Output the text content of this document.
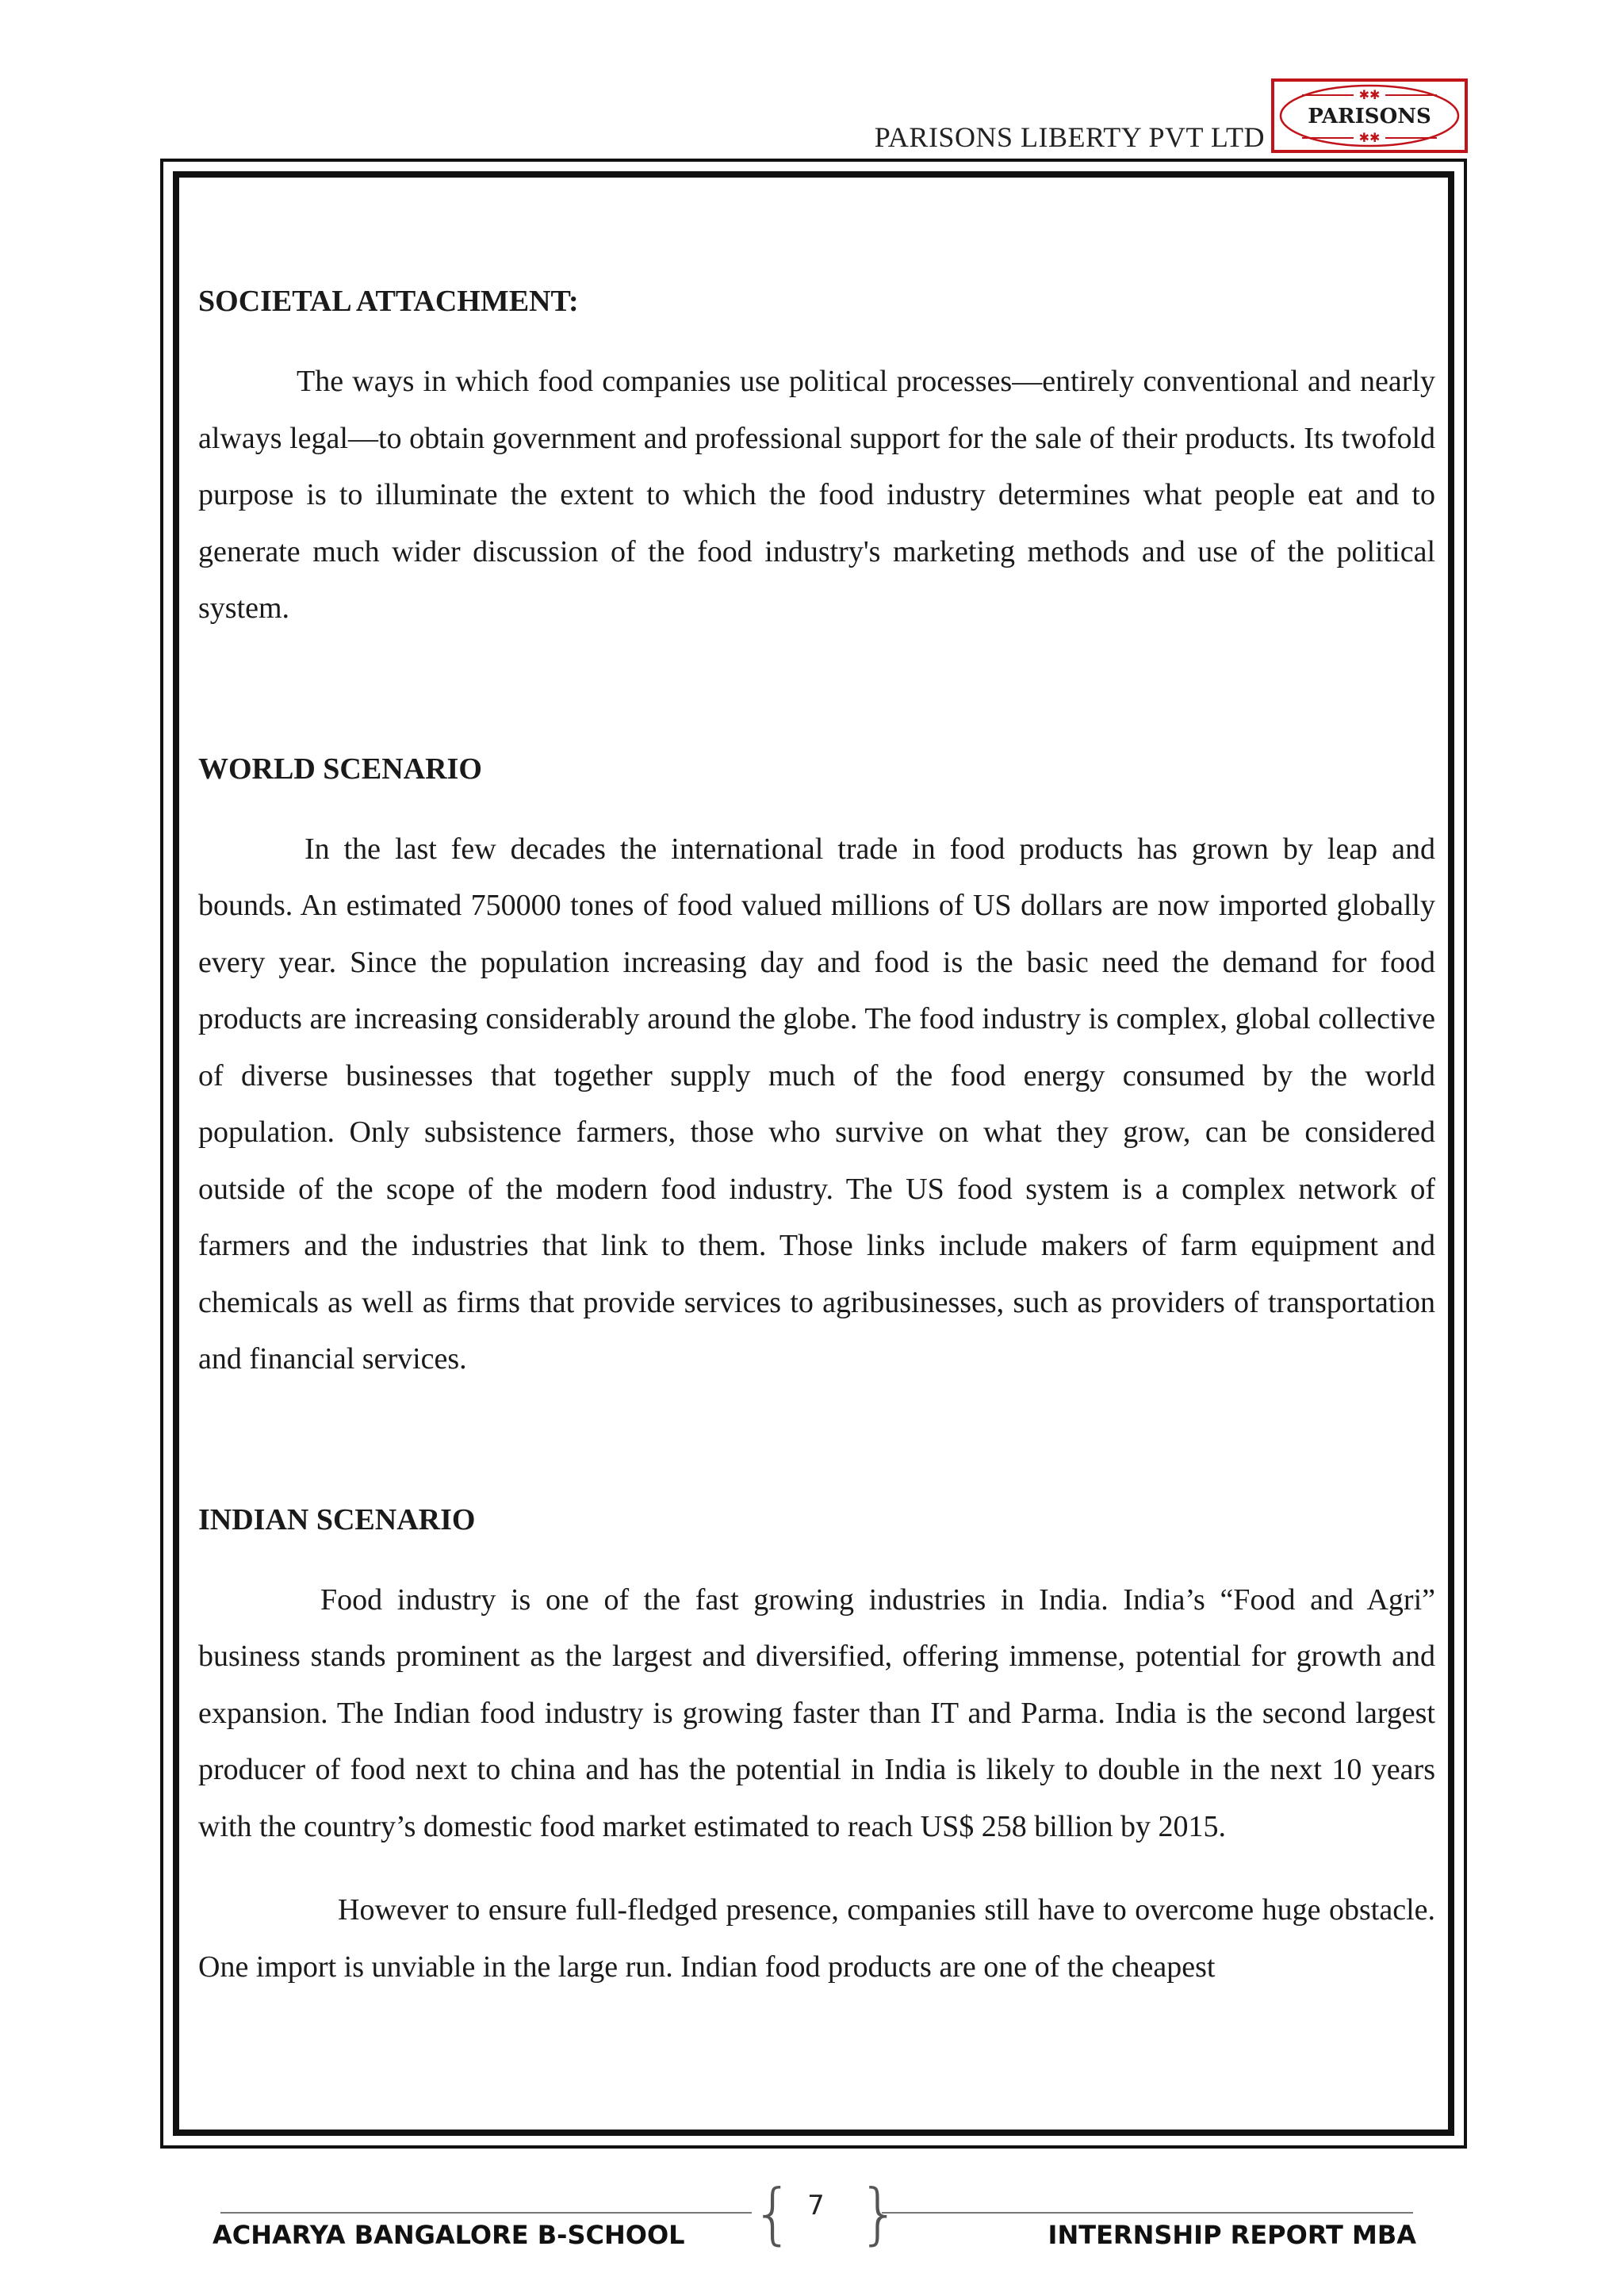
PARISONS LIBERTY PVT LTD
✱✱
✱✱
PARISONS

SOCIETAL ATTACHMENT:

The ways in which food companies use political processes—entirely conventional and nearly always legal—to obtain government and professional support for the sale of their products. Its twofold purpose is to illuminate the extent to which the food industry determines what people eat and to generate much wider discussion of the food industry's marketing methods and use of the political system.

WORLD SCENARIO

In the last few decades the international trade in food products has grown by leap and bounds. An estimated 750000 tones of food valued millions of US dollars are now imported globally every year. Since the population increasing day and food is the basic need the demand for food products are increasing considerably around the globe. The food industry is complex, global collective of diverse businesses that together supply much of the food energy consumed by the world population. Only subsistence farmers, those who survive on what they grow, can be considered outside of the scope of the modern food industry. The US food system is a complex network of farmers and the industries that link to them. Those links include makers of farm equipment and chemicals as well as firms that provide services to agribusinesses, such as providers of transportation and financial services.

INDIAN SCENARIO

Food industry is one of the fast growing industries in India. India’s “Food and Agri” business stands prominent as the largest and diversified, offering immense, potential for growth and expansion. The Indian food industry is growing faster than IT and Parma. India is the second largest producer of food next to china and has the potential in India is likely to double in the next 10 years with the country’s domestic food market estimated to reach US$ 258 billion by 2015.

However to ensure full-fledged presence, companies still have to overcome huge obstacle. One import is unviable in the large run. Indian food products are one of the cheapest

{ }
7
ACHARYA BANGALORE B-SCHOOL	INTERNSHIP REPORT MBA
